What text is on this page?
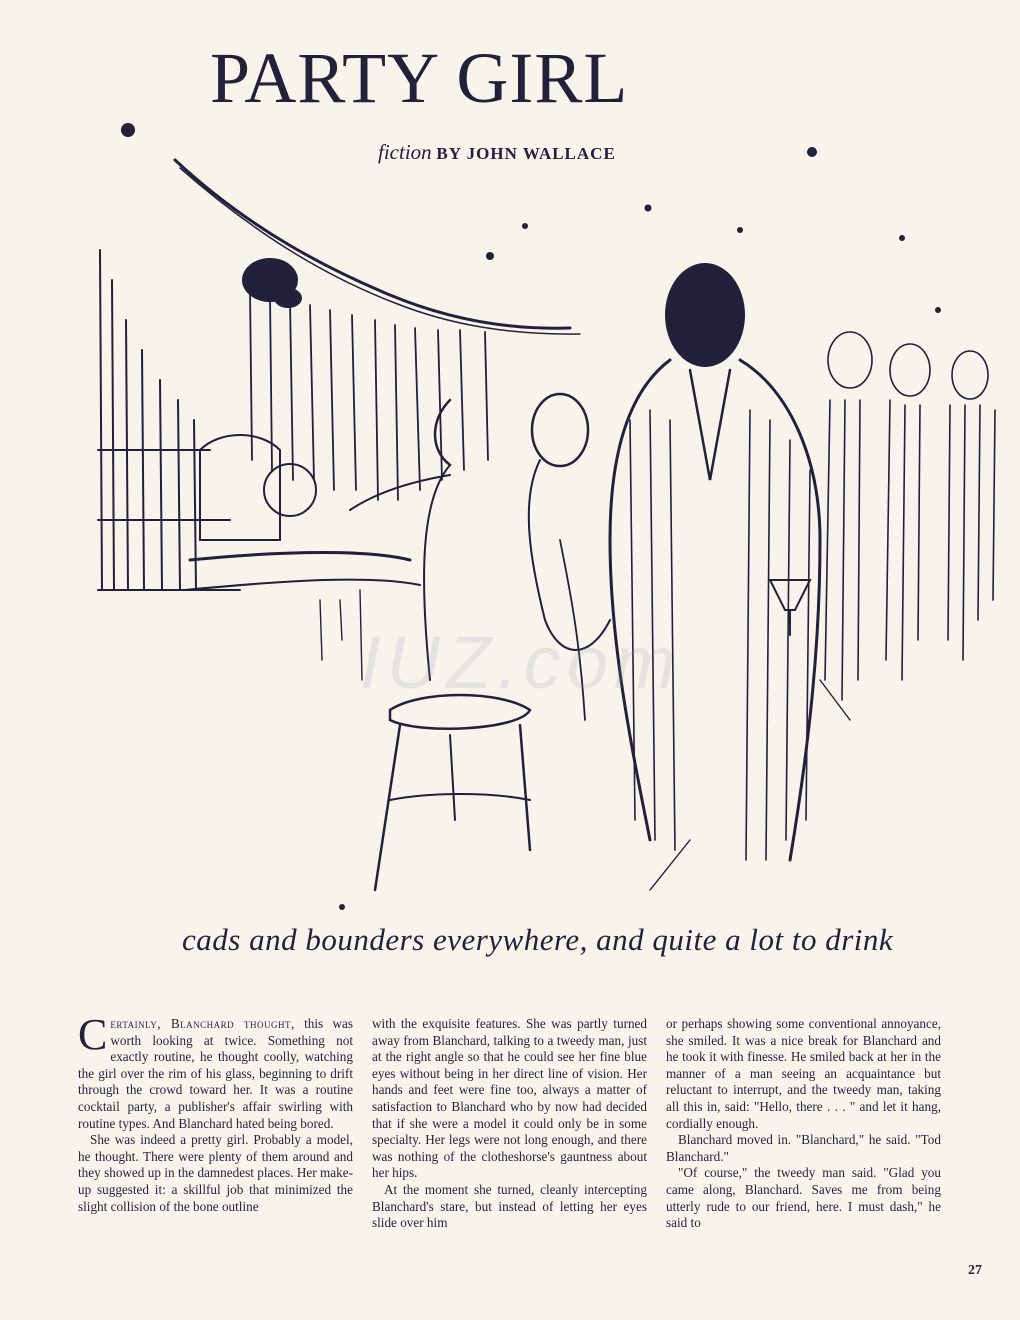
PARTY GIRL
fiction BY JOHN WALLACE
IUZ.com
cads and bounders everywhere, and quite a lot to drink

Certainly, Blanchard thought, this was worth looking at twice. Something not exactly routine, he thought coolly, watching the girl over the rim of his glass, beginning to drift through the crowd toward her. It was a routine cocktail party, a publisher's affair swirling with routine types. And Blanchard hated being bored.

She was indeed a pretty girl. Probably a model, he thought. There were plenty of them around and they showed up in the damnedest places. Her make-up suggested it: a skillful job that minimized the slight collision of the bone outline

with the exquisite features. She was partly turned away from Blanchard, talking to a tweedy man, just at the right angle so that he could see her fine blue eyes without being in her direct line of vision. Her hands and feet were fine too, always a matter of satisfaction to Blanchard who by now had decided that if she were a model it could only be in some specialty. Her legs were not long enough, and there was nothing of the clotheshorse's gauntness about her hips.

At the moment she turned, cleanly intercepting Blanchard's stare, but instead of letting her eyes slide over him

or perhaps showing some conventional annoyance, she smiled. It was a nice break for Blanchard and he took it with finesse. He smiled back at her in the manner of a man seeing an acquaintance but reluctant to interrupt, and the tweedy man, taking all this in, said: "Hello, there . . . " and let it hang, cordially enough.

Blanchard moved in. "Blanchard," he said. "Tod Blanchard."

"Of course," the tweedy man said. "Glad you came along, Blanchard. Saves me from being utterly rude to our friend, here. I must dash," he said to

27
